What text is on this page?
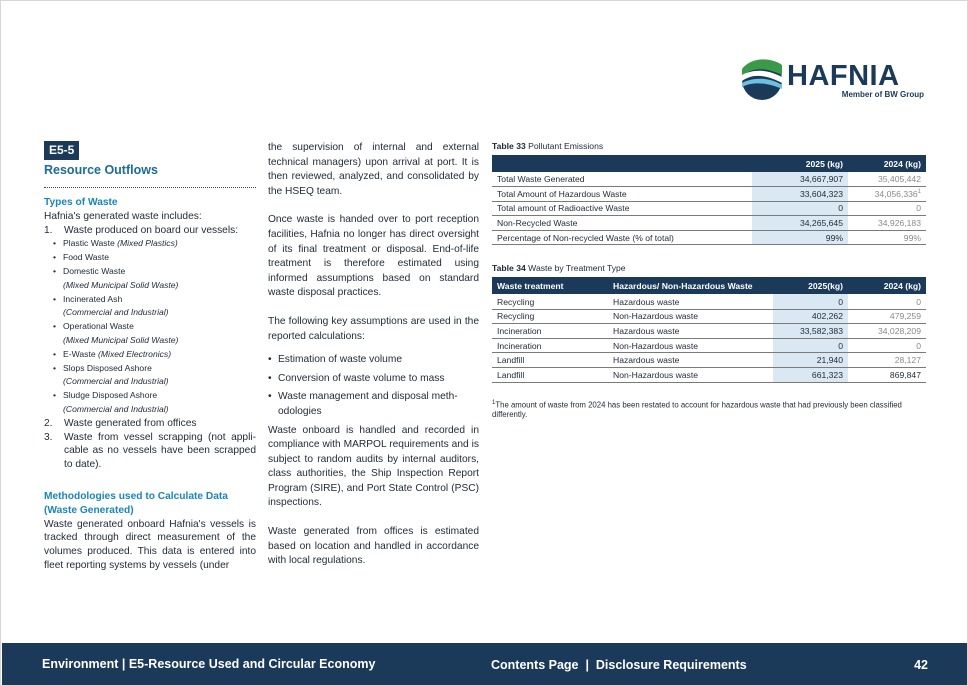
HAFNIA
Member of BW Group
E5-5
Resource Outflows
Types of Waste
Hafnia's generated waste includes:
1. Waste produced on board our vessels:
• Plastic Waste (Mixed Plastics)
• Food Waste
• Domestic Waste
(Mixed Municipal Solid Waste)
• Incinerated Ash
(Commercial and Industrial)
• Operational Waste
(Mixed Municipal Solid Waste)
• E-Waste (Mixed Electronics)
• Slops Disposed Ashore
(Commercial and Industrial)
• Sludge Disposed Ashore
(Commercial and Industrial)
2. Waste generated from offices
3. Waste from vessel scrapping (not appli-cable as no vessels have been scrapped to date).
Methodologies used to Calculate Data (Waste Generated)
Waste generated onboard Hafnia's vessels is tracked through direct measurement of the volumes produced. This data is entered into fleet reporting systems by vessels (under

the supervision of internal and external technical managers) upon arrival at port. It is then reviewed, analyzed, and consolidated by the HSEQ team.

Once waste is handed over to port reception facilities, Hafnia no longer has direct oversight of its final treatment or disposal. End-of-life treatment is therefore estimated using informed assumptions based on standard waste disposal practices.

The following key assumptions are used in the reported calculations:

• Estimation of waste volume
• Conversion of waste volume to mass
• Waste management and disposal meth-odologies

Waste onboard is handled and recorded in compliance with MARPOL requirements and is subject to random audits by internal auditors, class authorities, the Ship Inspection Report Program (SIRE), and Port State Control (PSC) inspections.

Waste generated from offices is estimated based on location and handled in accordance with local regulations.

Table 33 Pollutant Emissions
	2025 (kg)	2024 (kg)
Total Waste Generated	34,667,907	35,405,442
Total Amount of Hazardous Waste	33,604,323	34,056,336$^1$
Total amount of Radioactive Waste	0	0
Non-Recycled Waste	34,265,645	34,926,183
Percentage of Non-recycled Waste (% of total)	99%	99%
Table 34 Waste by Treatment Type
Waste treatment	Hazardous/ Non-Hazardous Waste	2025(kg)	2024 (kg)
Recycling	Hazardous waste	0	0
Recycling	Non-Hazardous waste	402,262	479,259
Incineration	Hazardous waste	33,582,383	34,028,209
Incineration	Non-Hazardous waste	0	0
Landfill	Hazardous waste	21,940	28,127
Landfill	Non-Hazardous waste	661,323	869,847
$^1$The amount of waste from 2024 has been restated to account for hazardous waste that had previously been classified differently.
Environment | E5-Resource Used and Circular Economy	Contents Page  |  Disclosure Requirements	42
